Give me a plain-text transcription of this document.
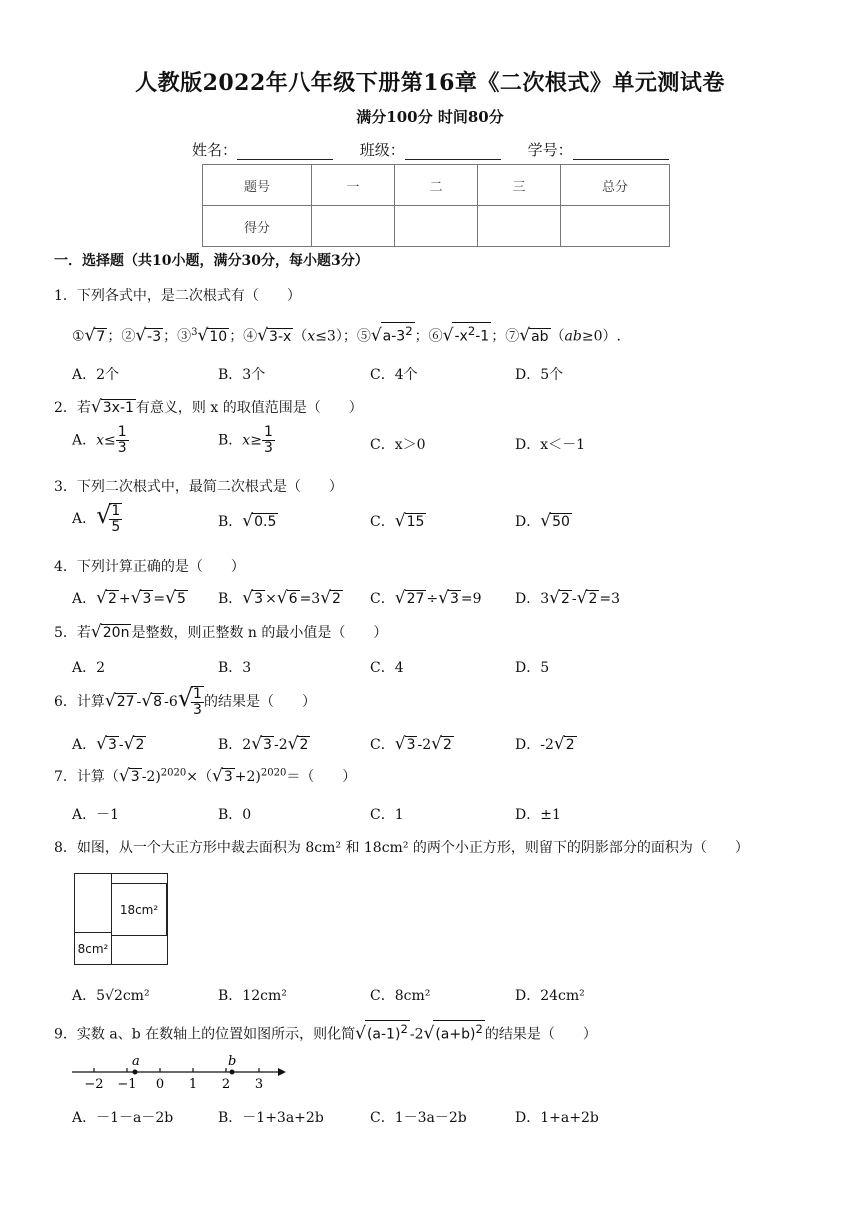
人教版2022年八年级下册第16章《二次根式》单元测试卷
满分100分 时间80分
姓名：	班级：	学号：
题号	一	二	三	总分
得分				
一．选择题（共10小题，满分30分，每小题3分）
1．下列各式中，是二次根式有（　　）
①√7 ；②√-3 ；③$^3$√10 ；④√3-x （x≤3）；$⑤√a-3^2$ ；$⑥√-x^2-1$ ；⑦√ab （ab≥0）.
A．2个	B．3个	C．4个	D．5个
2．若√3x-1 有意义，则 x 的取值范围是（　　）
A．$x\le \frac{1}{3}$	B．$x\ge \frac{1}{3}$	C．x＞0	D．x＜－1
3．下列二次根式中，最简二次根式是（　　）
A．√
$\frac{1}{5}$	B．√0.5	C．√15	D．√50
4．下列计算正确的是（　　）
A．√2 +√3 =√5 B．√3 ×√6 =3√2 C．√27 ÷√3 =9 D．3√2 -√2 =3
5．若√20n 是整数，则正整数 n 的最小值是（　　）
A．2	B．3	C．4	D．5
6．计算√27 -√8 -6√
$\frac{1}{3}$ 的结果是（　　）
A．√3 -√2	B．2√3 -2√2	C．√3 -2√2	D．-2√2
7．计算（√3 -2)$^{2020}$×（√3 +2)$^{2020}$＝（　　）
A．－1	B．0	C．1	D．±1
8．如图，从一个大正方形中裁去面积为 8cm² 和 18cm² 的两个小正方形，则留下的阴影部分的面积为（　　）
18cm²
8cm²
A．5√2cm²	B．12cm²	C．8cm²	D．24cm²
9．实数 a、b 在数轴上的位置如图所示，则化简$√(a-1)^2$ $-2√(a+b)^2$ 的结果是（　　）
−2 −1 0 1 2 3
a	b
A．－1－a－2b	B．－1+3a+2b	C．1－3a－2b	D．1+a+2b
